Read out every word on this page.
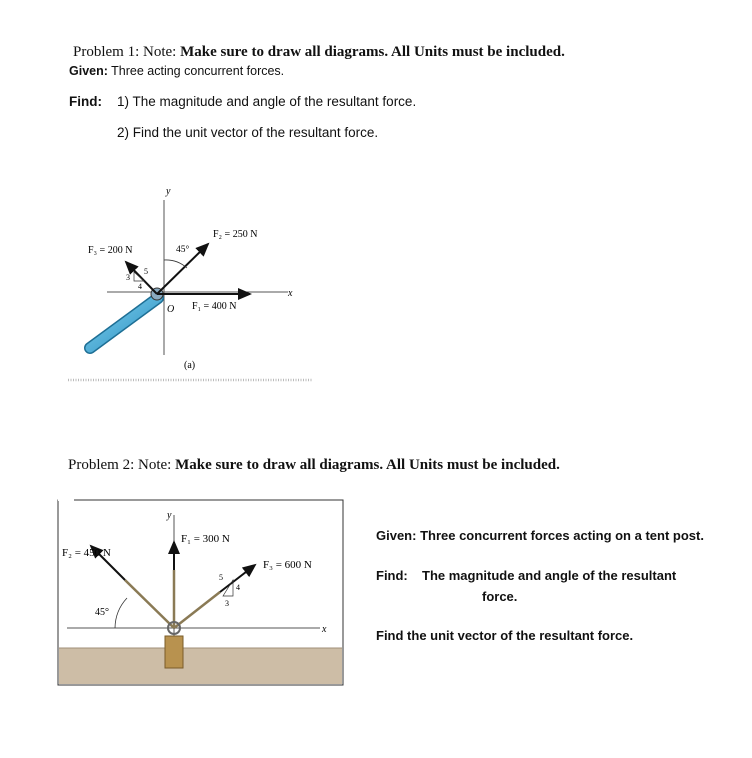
Problem 1: Note: Make sure to draw all diagrams. All Units must be included.
Given: Three acting concurrent forces.
Find: 1) The magnitude and angle of the resultant force.
2) Find the unit vector of the resultant force.
y
x
45°
3
4
5
F₃ = 200 N
F₂ = 250 N
F₁ = 400 N
O
(a)
Problem 2: Note: Make sure to draw all diagrams. All Units must be included.
y
x
45°
5
4
3
F₁ = 300 N
F₂ = 450 N
F₃ = 600 N
Given: Three concurrent forces acting on a tent post.
Find: The magnitude and angle of the resultant
force.
Find the unit vector of the resultant force.
